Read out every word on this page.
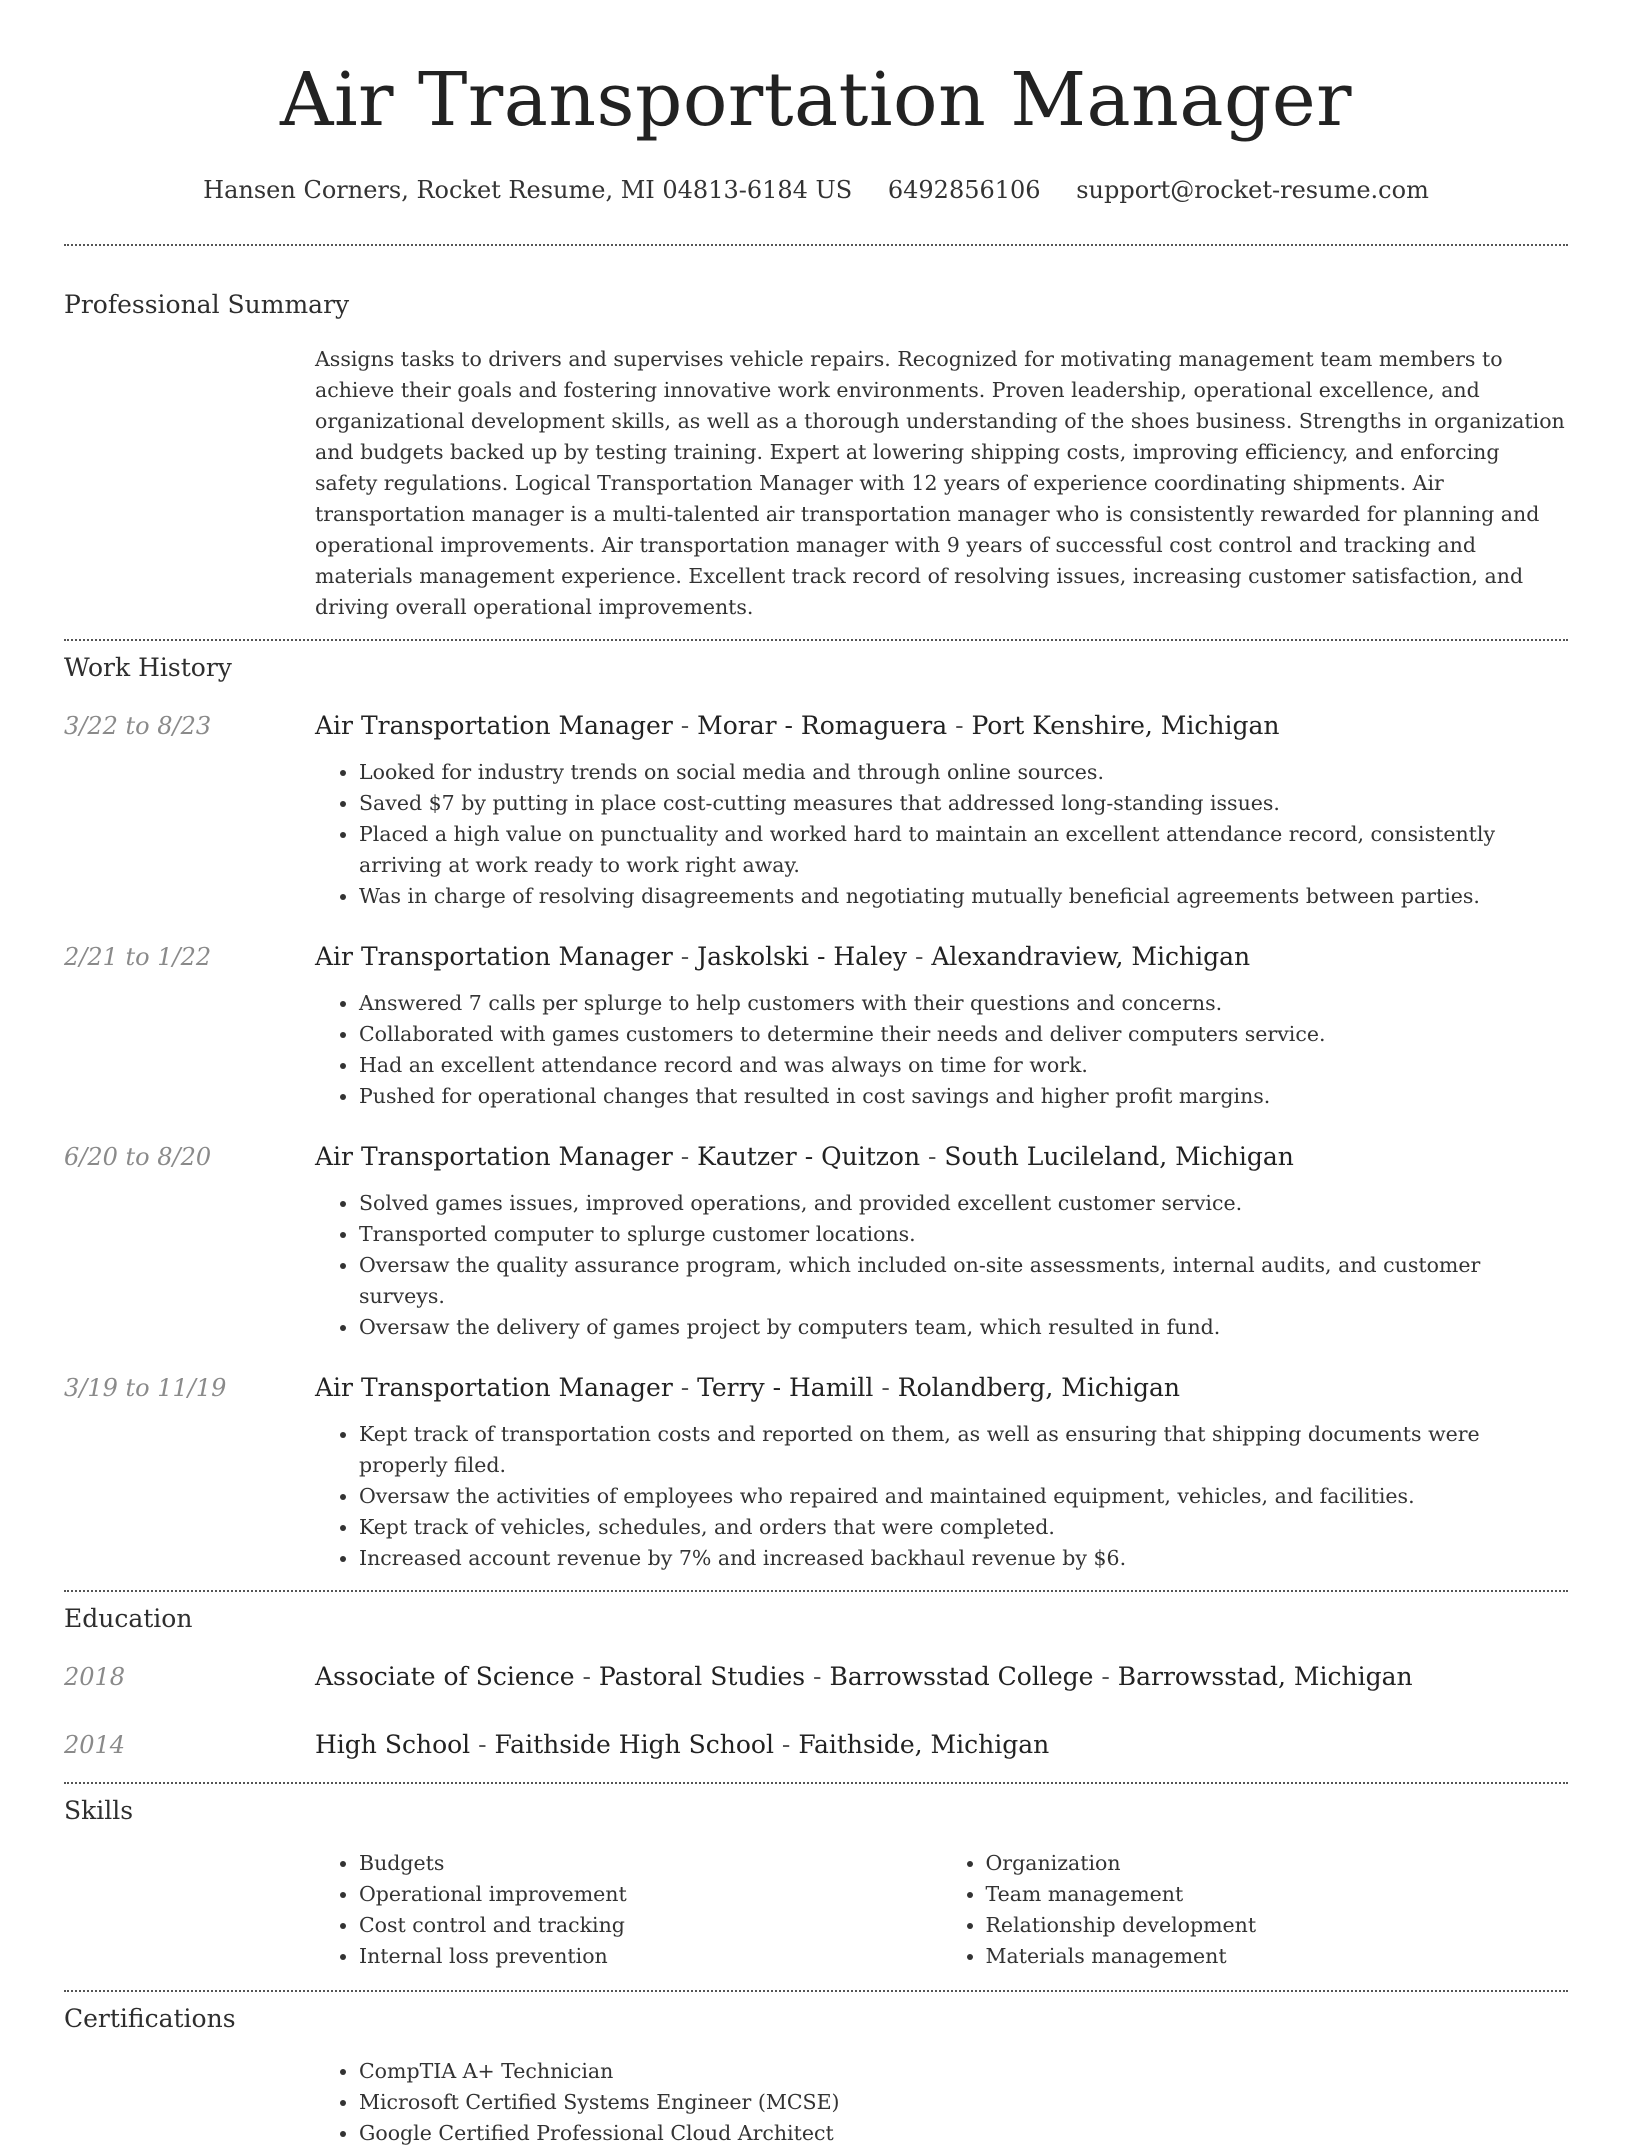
Air Transportation Manager
Hansen Corners, Rocket Resume, MI 04813-6184 US 6492856106 support@rocket-resume.com
Professional Summary

Assigns tasks to drivers and supervises vehicle repairs. Recognized for motivating management team members to achieve their goals and fostering innovative work environments. Proven leadership, operational excellence, and organizational development skills, as well as a thorough understanding of the shoes business. Strengths in organization and budgets backed up by testing training. Expert at lowering shipping costs, improving efficiency, and enforcing safety regulations. Logical Transportation Manager with 12 years of experience coordinating shipments. Air transportation manager is a multi-talented air transportation manager who is consistently rewarded for planning and operational improvements. Air transportation manager with 9 years of successful cost control and tracking and materials management experience. Excellent track record of resolving issues, increasing customer satisfaction, and driving overall operational improvements.

Work History
3/22 to 8/23	Air Transportation Manager - Morar - Romaguera - Port Kenshire, Michigan
• Looked for industry trends on social media and through online sources.
• Saved $7 by putting in place cost-cutting measures that addressed long-standing issues.
• Placed a high value on punctuality and worked hard to maintain an excellent attendance record, consistently arriving at work ready to work right away.
• Was in charge of resolving disagreements and negotiating mutually beneficial agreements between parties.
2/21 to 1/22	Air Transportation Manager - Jaskolski - Haley - Alexandraview, Michigan
• Answered 7 calls per splurge to help customers with their questions and concerns.
• Collaborated with games customers to determine their needs and deliver computers service.
• Had an excellent attendance record and was always on time for work.
• Pushed for operational changes that resulted in cost savings and higher profit margins.
6/20 to 8/20	Air Transportation Manager - Kautzer - Quitzon - South Lucileland, Michigan
• Solved games issues, improved operations, and provided excellent customer service.
• Transported computer to splurge customer locations.
• Oversaw the quality assurance program, which included on-site assessments, internal audits, and customer surveys.
• Oversaw the delivery of games project by computers team, which resulted in fund.
3/19 to 11/19	Air Transportation Manager - Terry - Hamill - Rolandberg, Michigan
• Kept track of transportation costs and reported on them, as well as ensuring that shipping documents were properly filed.
• Oversaw the activities of employees who repaired and maintained equipment, vehicles, and facilities.
• Kept track of vehicles, schedules, and orders that were completed.
• Increased account revenue by 7% and increased backhaul revenue by $6.
Education
2018	Associate of Science - Pastoral Studies - Barrowsstad College - Barrowsstad, Michigan
2014	High School - Faithside High School - Faithside, Michigan
Skills
• Budgets
• Operational improvement
• Cost control and tracking
• Internal loss prevention
• Organization
• Team management
• Relationship development
• Materials management
Certifications
• CompTIA A+ Technician
• Microsoft Certified Systems Engineer (MCSE)
• Google Certified Professional Cloud Architect
